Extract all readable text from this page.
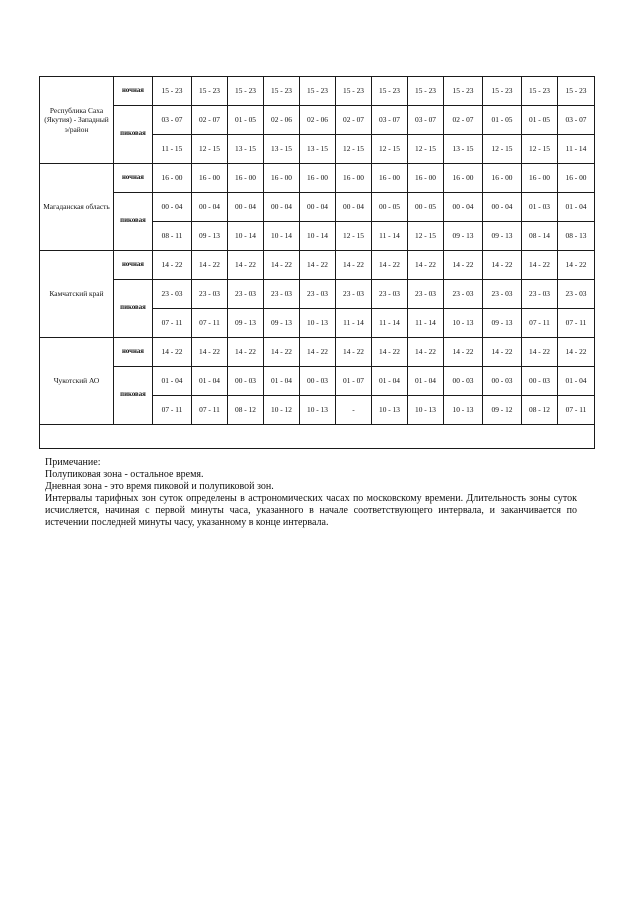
Республика Саха (Якутия) - Западный э/район	ночная	15 - 23	15 - 23	15 - 23	15 - 23	15 - 23	15 - 23	15 - 23	15 - 23	15 - 23	15 - 23	15 - 23	15 - 23
	пиковая	03 - 07	02 - 07	01 - 05	02 - 06	02 - 06	02 - 07	03 - 07	03 - 07	02 - 07	01 - 05	01 - 05	03 - 07
		11 - 15	12 - 15	13 - 15	13 - 15	13 - 15	12 - 15	12 - 15	12 - 15	13 - 15	12 - 15	12 - 15	11 - 14
Магаданская область	ночная	16 - 00	16 - 00	16 - 00	16 - 00	16 - 00	16 - 00	16 - 00	16 - 00	16 - 00	16 - 00	16 - 00	16 - 00
	пиковая	00 - 04	00 - 04	00 - 04	00 - 04	00 - 04	00 - 04	00 - 05	00 - 05	00 - 04	00 - 04	01 - 03	01 - 04
		08 - 11	09 - 13	10 - 14	10 - 14	10 - 14	12 - 15	11 - 14	12 - 15	09 - 13	09 - 13	08 - 14	08 - 13
Камчатский край	ночная	14 - 22	14 - 22	14 - 22	14 - 22	14 - 22	14 - 22	14 - 22	14 - 22	14 - 22	14 - 22	14 - 22	14 - 22
	пиковая	23 - 03	23 - 03	23 - 03	23 - 03	23 - 03	23 - 03	23 - 03	23 - 03	23 - 03	23 - 03	23 - 03	23 - 03
		07 - 11	07 - 11	09 - 13	09 - 13	10 - 13	11 - 14	11 - 14	11 - 14	10 - 13	09 - 13	07 - 11	07 - 11
Чукотский АО	ночная	14 - 22	14 - 22	14 - 22	14 - 22	14 - 22	14 - 22	14 - 22	14 - 22	14 - 22	14 - 22	14 - 22	14 - 22
	пиковая	01 - 04	01 - 04	00 - 03	01 - 04	00 - 03	01 - 07	01 - 04	01 - 04	00 - 03	00 - 03	00 - 03	01 - 04
		07 - 11	07 - 11	08 - 12	10 - 12	10 - 13	-	10 - 13	10 - 13	10 - 13	09 - 12	08 - 12	07 - 11

Примечание:

Полупиковая зона - остальное время.

Дневная зона - это время пиковой и полупиковой зон.

Интервалы тарифных зон суток определены в астрономических часах по московскому времени. Длительность зоны суток исчисляется, начиная с первой минуты часа, указанного в начале соответствующего интервала, и заканчивается по истечении последней минуты часу, указанному в конце интервала.
